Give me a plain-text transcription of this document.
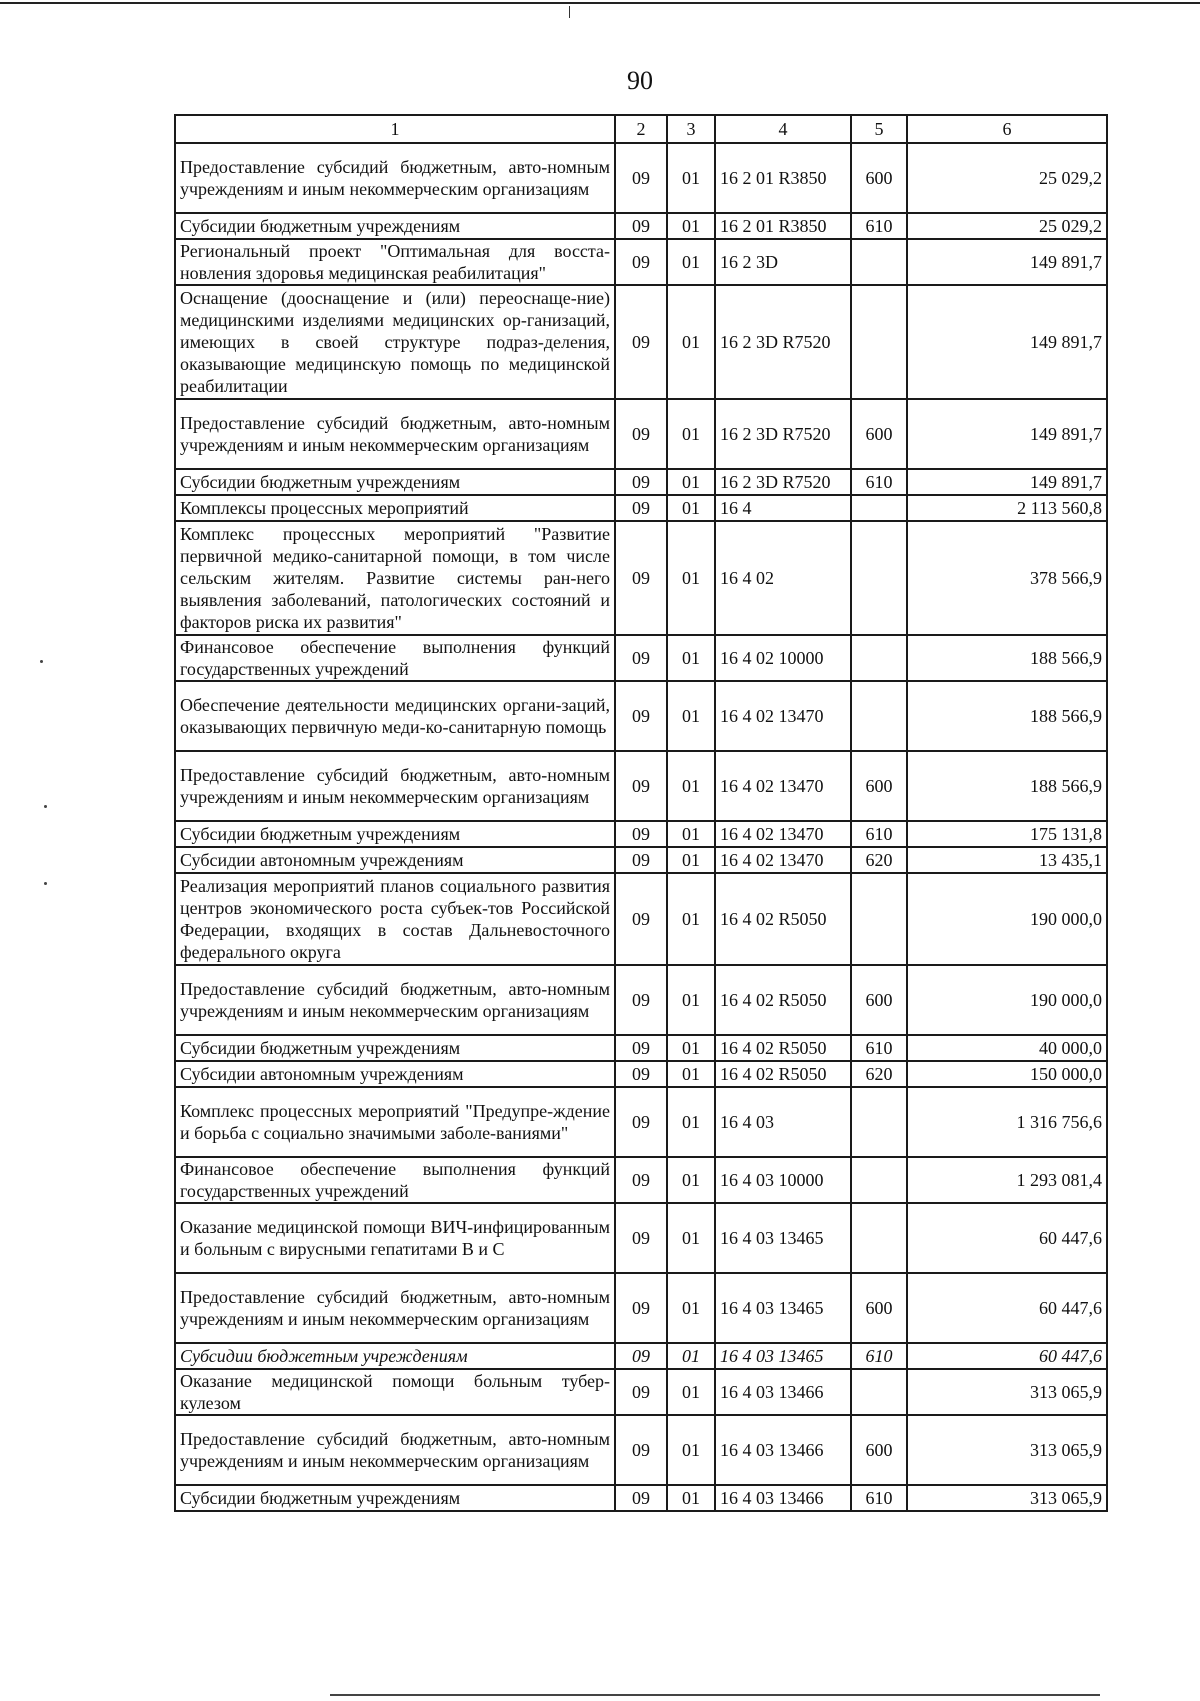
90
1	2	3	4	5	6
Предоставление субсидий бюджетным, авто-номным учреждениям и иным некоммерческим организациям	09	01	16 2 01 R3850	600	25 029,2
Субсидии бюджетным учреждениям	09	01	16 2 01 R3850	610	25 029,2
Региональный проект "Оптимальная для восста-новления здоровья медицинская реабилитация"	09	01	16 2 3D		149 891,7
Оснащение (дооснащение и (или) переоснаще-ние) медицинскими изделиями медицинских ор-ганизаций, имеющих в своей структуре подраз-деления, оказывающие медицинскую помощь по медицинской реабилитации	09	01	16 2 3D R7520		149 891,7
Предоставление субсидий бюджетным, авто-номным учреждениям и иным некоммерческим организациям	09	01	16 2 3D R7520	600	149 891,7
Субсидии бюджетным учреждениям	09	01	16 2 3D R7520	610	149 891,7
Комплексы процессных мероприятий	09	01	16 4		2 113 560,8
Комплекс процессных мероприятий "Развитие первичной медико-санитарной помощи, в том числе сельским жителям. Развитие системы ран-него выявления заболеваний, патологических состояний и факторов риска их развития"	09	01	16 4 02		378 566,9
Финансовое обеспечение выполнения функций государственных учреждений	09	01	16 4 02 10000		188 566,9
Обеспечение деятельности медицинских органи-заций, оказывающих первичную меди-ко-санитарную помощь	09	01	16 4 02 13470		188 566,9
Предоставление субсидий бюджетным, авто-номным учреждениям и иным некоммерческим организациям	09	01	16 4 02 13470	600	188 566,9
Субсидии бюджетным учреждениям	09	01	16 4 02 13470	610	175 131,8
Субсидии автономным учреждениям	09	01	16 4 02 13470	620	13 435,1
Реализация мероприятий планов социального развития центров экономического роста субъек-тов Российской Федерации, входящих в состав Дальневосточного федерального округа	09	01	16 4 02 R5050		190 000,0
Предоставление субсидий бюджетным, авто-номным учреждениям и иным некоммерческим организациям	09	01	16 4 02 R5050	600	190 000,0
Субсидии бюджетным учреждениям	09	01	16 4 02 R5050	610	40 000,0
Субсидии автономным учреждениям	09	01	16 4 02 R5050	620	150 000,0
Комплекс процессных мероприятий "Предупре-ждение и борьба с социально значимыми заболе-ваниями"	09	01	16 4 03		1 316 756,6
Финансовое обеспечение выполнения функций государственных учреждений	09	01	16 4 03 10000		1 293 081,4
Оказание медицинской помощи ВИЧ-инфицированным и больным с вирусными гепатитами В и С	09	01	16 4 03 13465		60 447,6
Предоставление субсидий бюджетным, авто-номным учреждениям и иным некоммерческим организациям	09	01	16 4 03 13465	600	60 447,6
Субсидии бюджетным учреждениям	09	01	16 4 03 13465	610	60 447,6
Оказание медицинской помощи больным тубер-кулезом	09	01	16 4 03 13466		313 065,9
Предоставление субсидий бюджетным, авто-номным учреждениям и иным некоммерческим организациям	09	01	16 4 03 13466	600	313 065,9
Субсидии бюджетным учреждениям	09	01	16 4 03 13466	610	313 065,9
